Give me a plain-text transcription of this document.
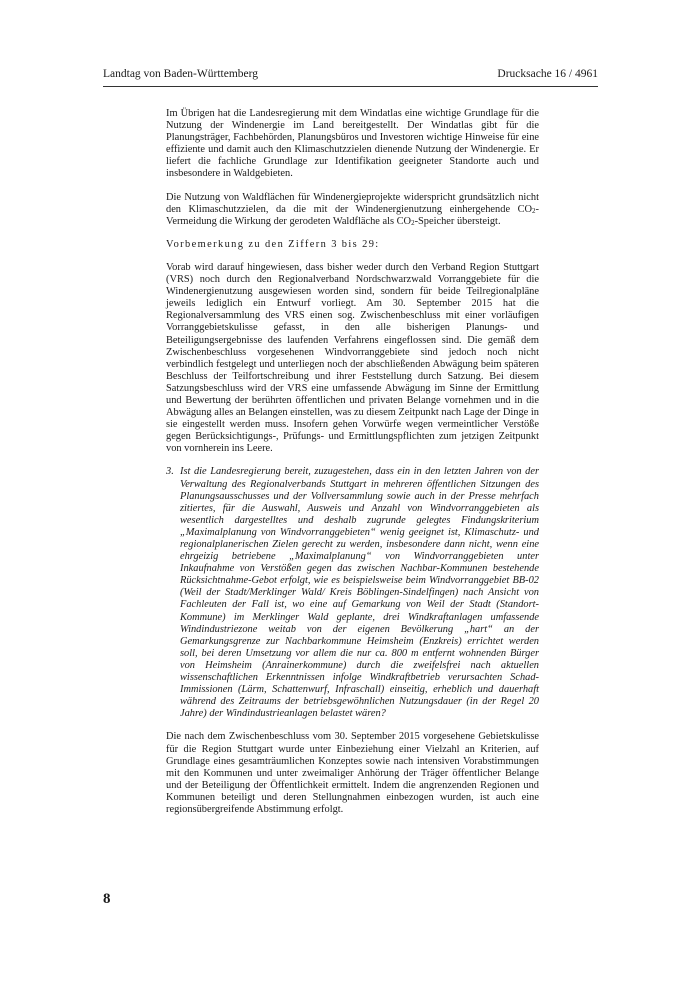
Landtag von Baden-Württemberg	Drucksache 16 / 4961

Im Übrigen hat die Landesregierung mit dem Windatlas eine wichtige Grundlage für die Nutzung der Windenergie im Land bereitgestellt. Der Windatlas gibt für die Planungsträger, Fachbehörden, Planungsbüros und Investoren wichtige Hinweise für eine effiziente und damit auch den Klimaschutzzielen dienende Nutzung der Windenergie. Er liefert die fachliche Grundlage zur Identifikation geeigneter Standorte auch und insbesondere in Waldgebieten.

Die Nutzung von Waldflächen für Windenergieprojekte widerspricht grundsätzlich nicht den Klimaschutzzielen, da die mit der Windenergienutzung einhergehende $CO_2$-Vermeidung die Wirkung der gerodeten Waldfläche als $CO_2$-Speicher übersteigt.

Vorbemerkung zu den Ziffern 3 bis 29:

Vorab wird darauf hingewiesen, dass bisher weder durch den Verband Region Stuttgart (VRS) noch durch den Regionalverband Nordschwarzwald Vorranggebiete für die Windenergienutzung ausgewiesen worden sind, sondern für beide Teilregionalpläne jeweils lediglich ein Entwurf vorliegt. Am 30. September 2015 hat die Regionalversammlung des VRS einen sog. Zwischenbeschluss mit einer vorläufigen Vorranggebietskulisse gefasst, in den alle bisherigen Planungs- und Beteiligungsergebnisse des laufenden Verfahrens eingeflossen sind. Die gemäß dem Zwischenbeschluss vorgesehenen Windvorranggebiete sind jedoch noch nicht verbindlich festgelegt und unterliegen noch der abschließenden Abwägung beim späteren Beschluss der Teilfortschreibung und ihrer Feststellung durch Satzung. Bei diesem Satzungsbeschluss wird der VRS eine umfassende Abwägung im Sinne der Ermittlung und Bewertung der berührten öffentlichen und privaten Belange vornehmen und in die Abwägung alles an Belangen einstellen, was zu diesem Zeitpunkt nach Lage der Dinge in sie eingestellt werden muss. Insofern gehen Vorwürfe wegen vermeintlicher Verstöße gegen Berücksichtigungs-, Prüfungs- und Ermittlungspflichten zum jetzigen Zeitpunkt von vornherein ins Leere.

3. Ist die Landesregierung bereit, zuzugestehen, dass ein in den letzten Jahren von der Verwaltung des Regionalverbands Stuttgart in mehreren öffentlichen Sitzungen des Planungsausschusses und der Vollversammlung sowie auch in der Presse mehrfach zitiertes, für die Auswahl, Ausweis und Anzahl von Windvorranggebieten als wesentlich dargestelltes und deshalb zugrunde gelegtes Findungskriterium „Maximalplanung von Windvorranggebieten“ wenig geeignet ist, Klimaschutz- und regionalplanerischen Zielen gerecht zu werden, insbesondere dann nicht, wenn eine ehrgeizig betriebene „Maximalplanung“ von Windvorranggebieten unter Inkaufnahme von Verstößen gegen das zwischen Nachbar-Kommunen bestehende Rücksichtnahme-Gebot erfolgt, wie es beispielsweise beim Windvorranggebiet BB-02 (Weil der Stadt/Merklinger Wald/ Kreis Böblingen-Sindelfingen) nach Ansicht von Fachleuten der Fall ist, wo eine auf Gemarkung von Weil der Stadt (Standort-Kommune) im Merklinger Wald geplante, drei Windkraftanlagen umfassende Windindustriezone weitab von der eigenen Bevölkerung „hart“ an der Gemarkungsgrenze zur Nachbarkommune Heimsheim (Enzkreis) errichtet werden soll, bei deren Umsetzung vor allem die nur ca. 800 m entfernt wohnenden Bürger von Heimsheim (Anrainerkommune) durch die zweifelsfrei nach aktuellen wissenschaftlichen Erkenntnissen infolge Windkraftbetrieb verursachten Schad-Immissionen (Lärm, Schattenwurf, Infraschall) einseitig, erheblich und dauerhaft während des Zeitraums der betriebsgewöhnlichen Nutzungsdauer (in der Regel 20 Jahre) der Windindustrieanlagen belastet wären?

Die nach dem Zwischenbeschluss vom 30. September 2015 vorgesehene Gebietskulisse für die Region Stuttgart wurde unter Einbeziehung einer Vielzahl an Kriterien, auf Grundlage eines gesamträumlichen Konzeptes sowie nach intensiven Vorabstimmungen mit den Kommunen und unter zweimaliger Anhörung der Träger öffentlicher Belange und der Beteiligung der Öffentlichkeit ermittelt. Indem die angrenzenden Regionen und Kommunen beteiligt und deren Stellungnahmen einbezogen wurden, ist auch eine regionsübergreifende Abstimmung erfolgt.

8
